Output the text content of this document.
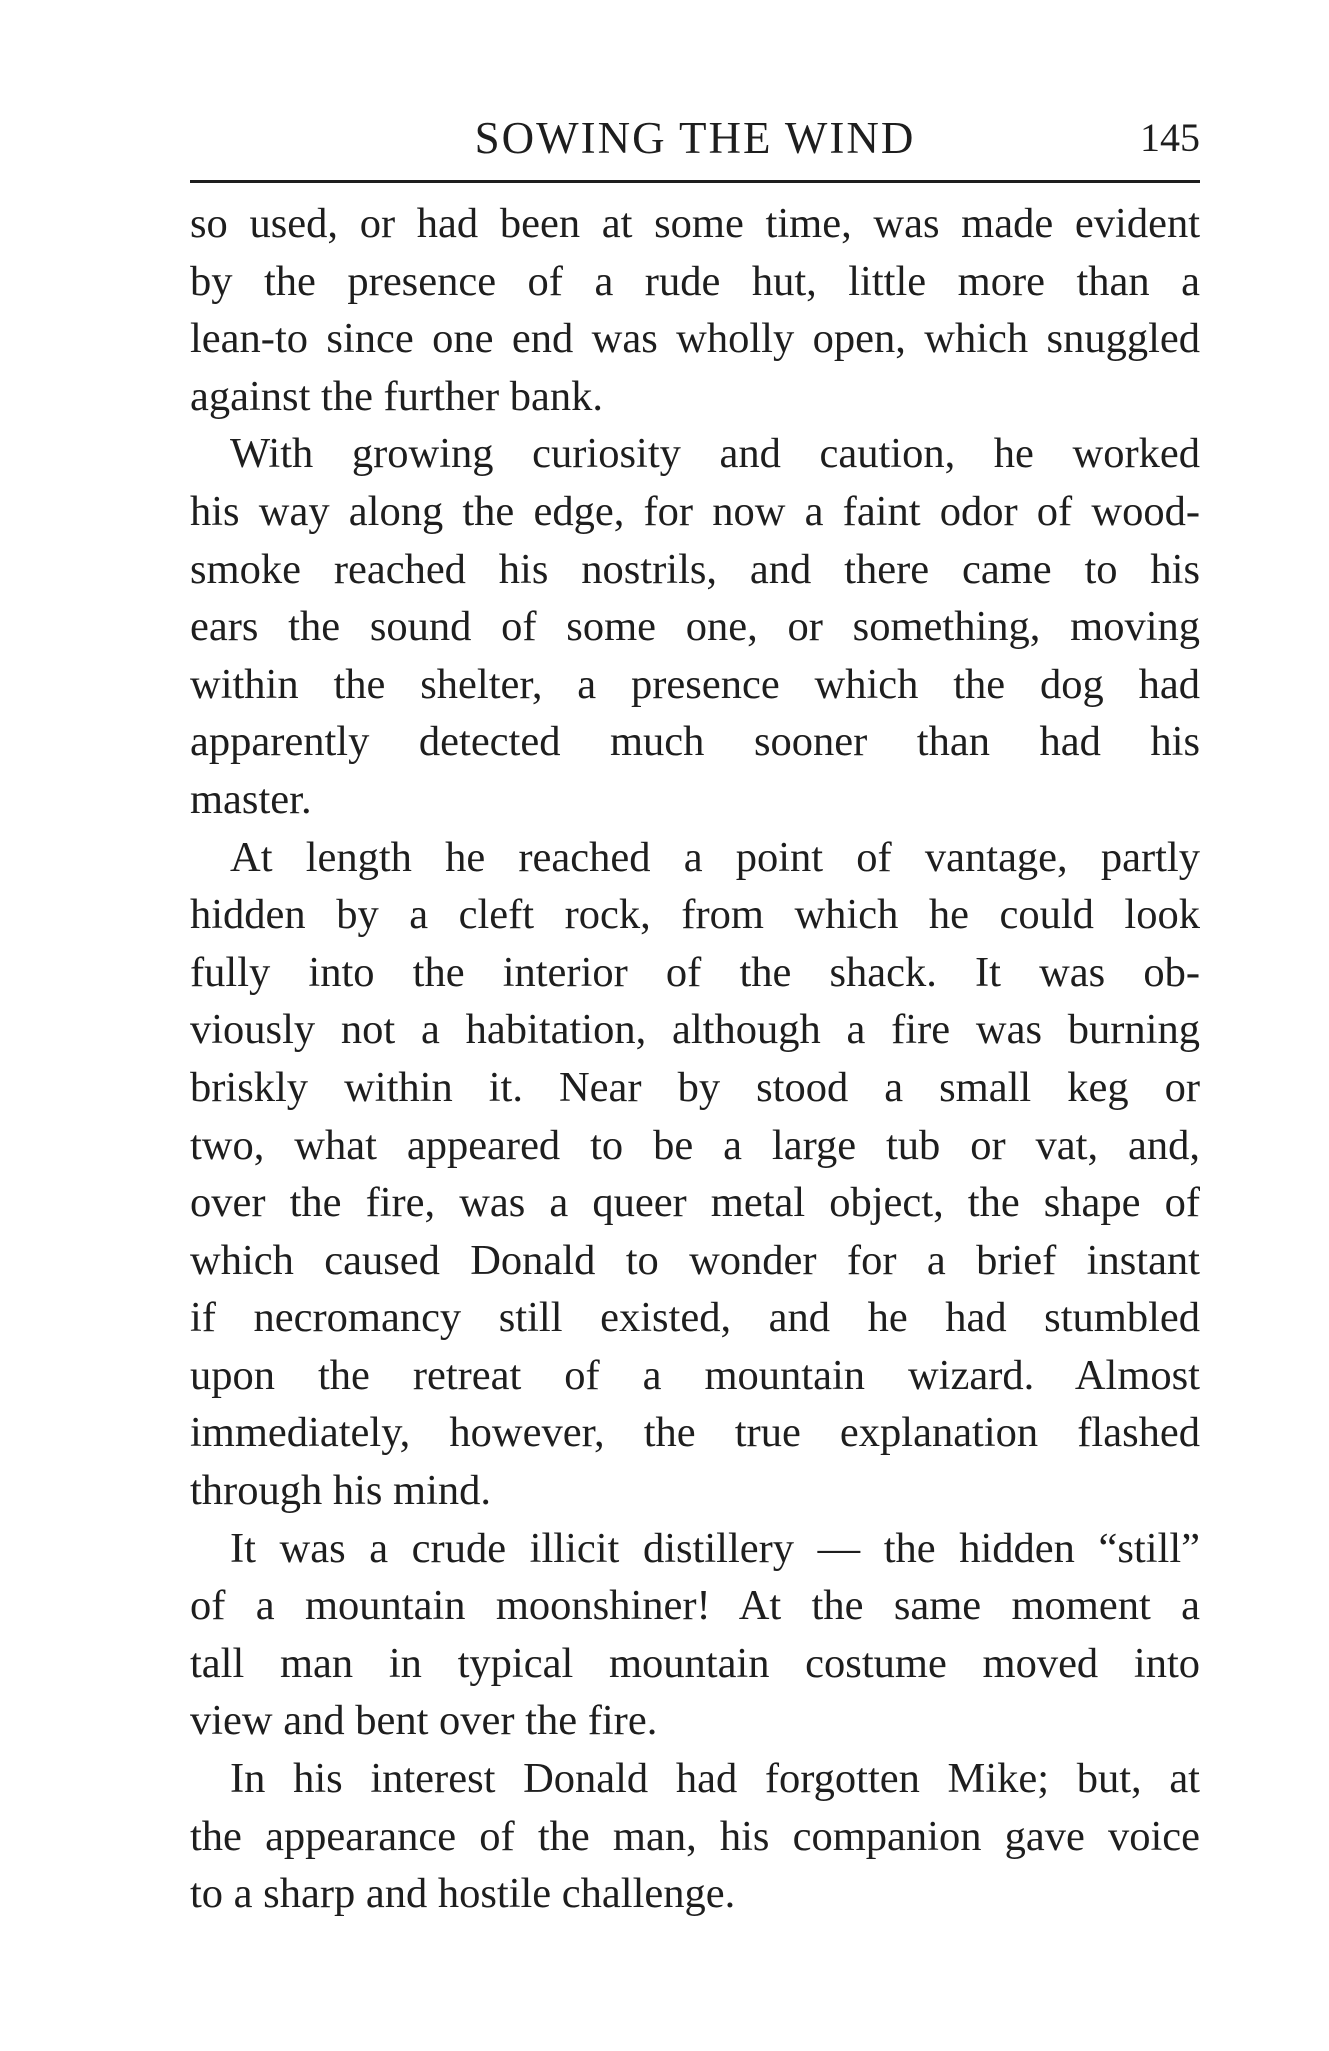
SOWING THE WIND	145
so used, or had been at some time, was made evident
by the presence of a rude hut, little more than a
lean-to since one end was wholly open, which snuggled
against the further bank.
With growing curiosity and caution, he worked
his way along the edge, for now a faint odor of wood-
smoke reached his nostrils, and there came to his
ears the sound of some one, or something, moving
within the shelter, a presence which the dog had
apparently detected much sooner than had his
master.
At length he reached a point of vantage, partly
hidden by a cleft rock, from which he could look
fully into the interior of the shack. It was ob-
viously not a habitation, although a fire was burning
briskly within it. Near by stood a small keg or
two, what appeared to be a large tub or vat, and,
over the fire, was a queer metal object, the shape of
which caused Donald to wonder for a brief instant
if necromancy still existed, and he had stumbled
upon the retreat of a mountain wizard. Almost
immediately, however, the true explanation flashed
through his mind.
It was a crude illicit distillery — the hidden “still”
of a mountain moonshiner! At the same moment a
tall man in typical mountain costume moved into
view and bent over the fire.
In his interest Donald had forgotten Mike; but, at
the appearance of the man, his companion gave voice
to a sharp and hostile challenge.
